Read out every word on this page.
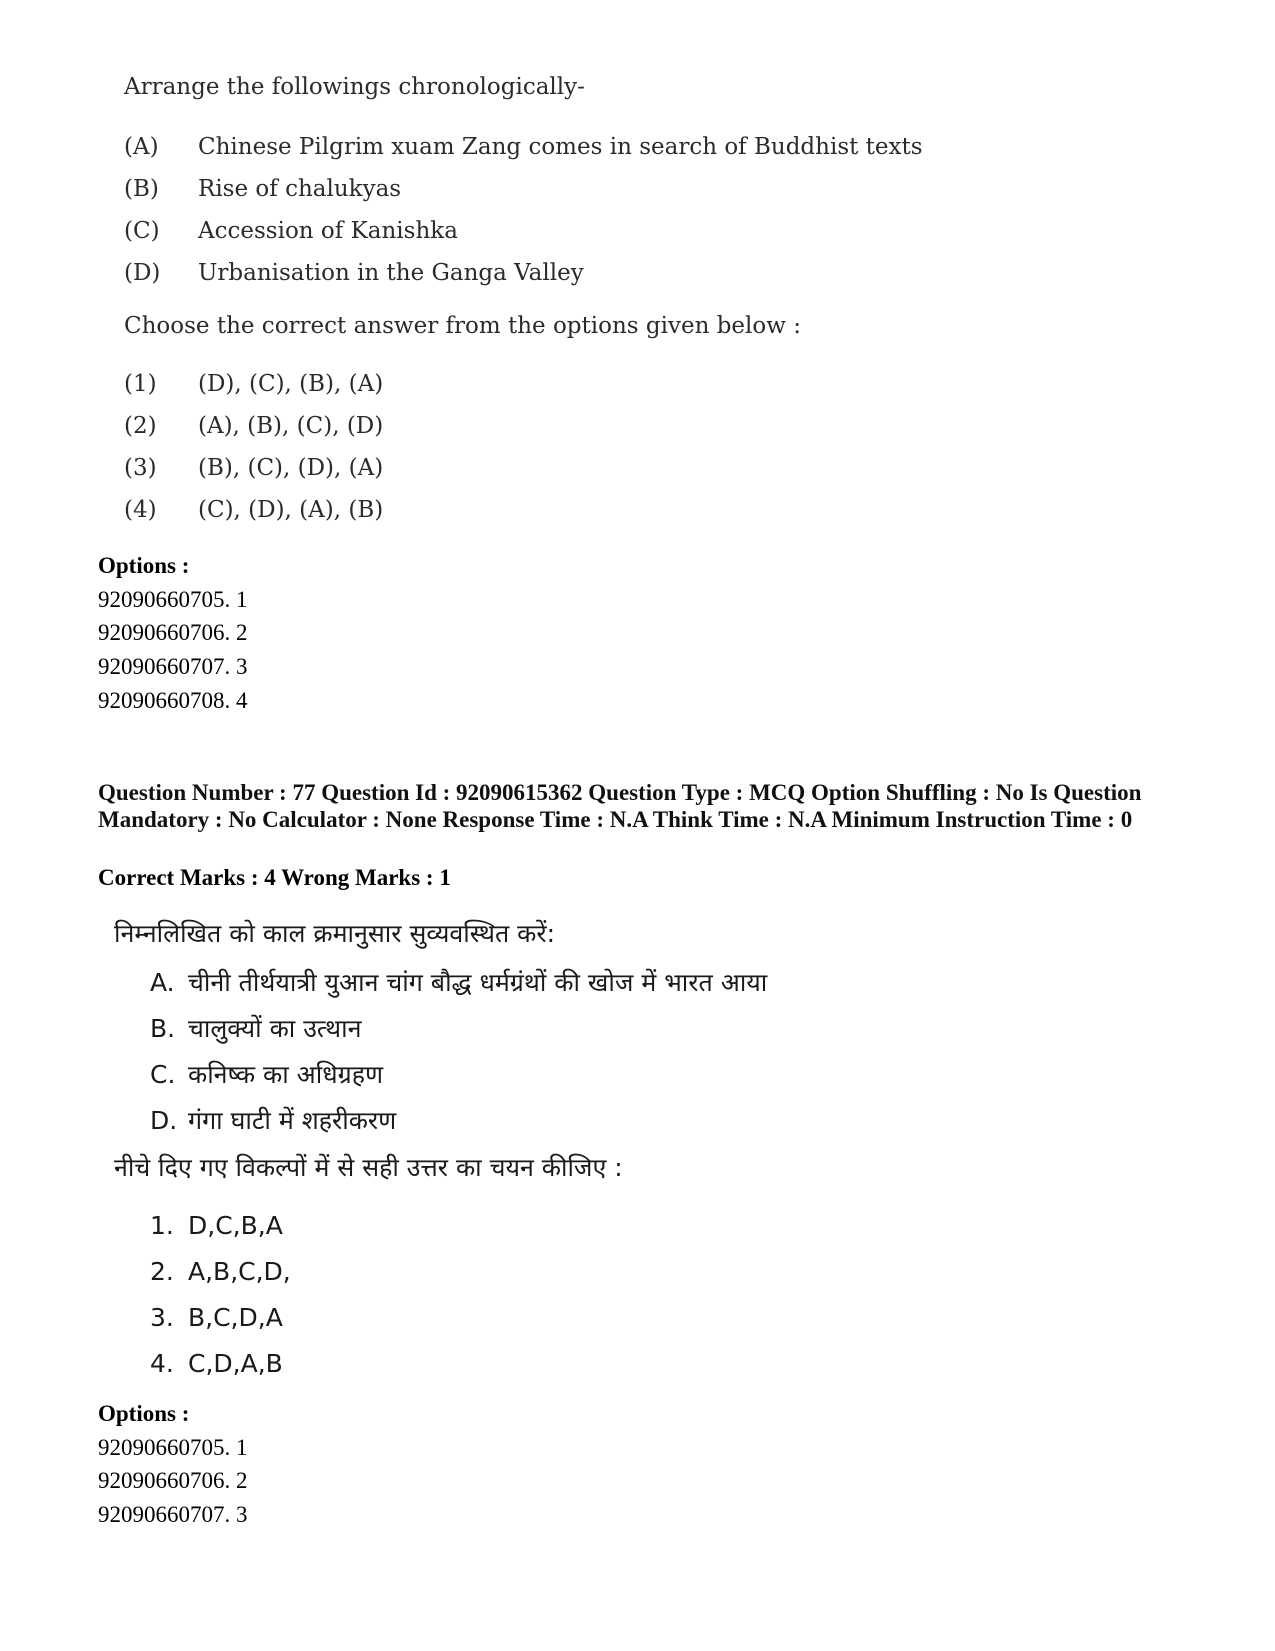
Arrange the followings chronologically-
(A) Chinese Pilgrim xuam Zang comes in search of Buddhist texts
(B) Rise of chalukyas
(C) Accession of Kanishka
(D) Urbanisation in the Ganga Valley
Choose the correct answer from the options given below :
(1) (D), (C), (B), (A)
(2) (A), (B), (C), (D)
(3) (B), (C), (D), (A)
(4) (C), (D), (A), (B)
Options :
92090660705. 1
92090660706. 2
92090660707. 3
92090660708. 4
Question Number : 77 Question Id : 92090615362 Question Type : MCQ Option Shuffling : No Is Question Mandatory : No Calculator : None Response Time : N.A Think Time : N.A Minimum Instruction Time : 0
Correct Marks : 4 Wrong Marks : 1
निम्नलिखित को काल क्रमानुसार सुव्यवस्थित करें:
A. चीनी तीर्थयात्री युआन चांग बौद्ध धर्मग्रंथों की खोज में भारत आया
B. चालुक्यों का उत्थान
C. कनिष्क का अधिग्रहण
D. गंगा घाटी में शहरीकरण
नीचे दिए गए विकल्पों में से सही उत्तर का चयन कीजिए :
1. D,C,B,A
2. A,B,C,D,
3. B,C,D,A
4. C,D,A,B
Options :
92090660705. 1
92090660706. 2
92090660707. 3
